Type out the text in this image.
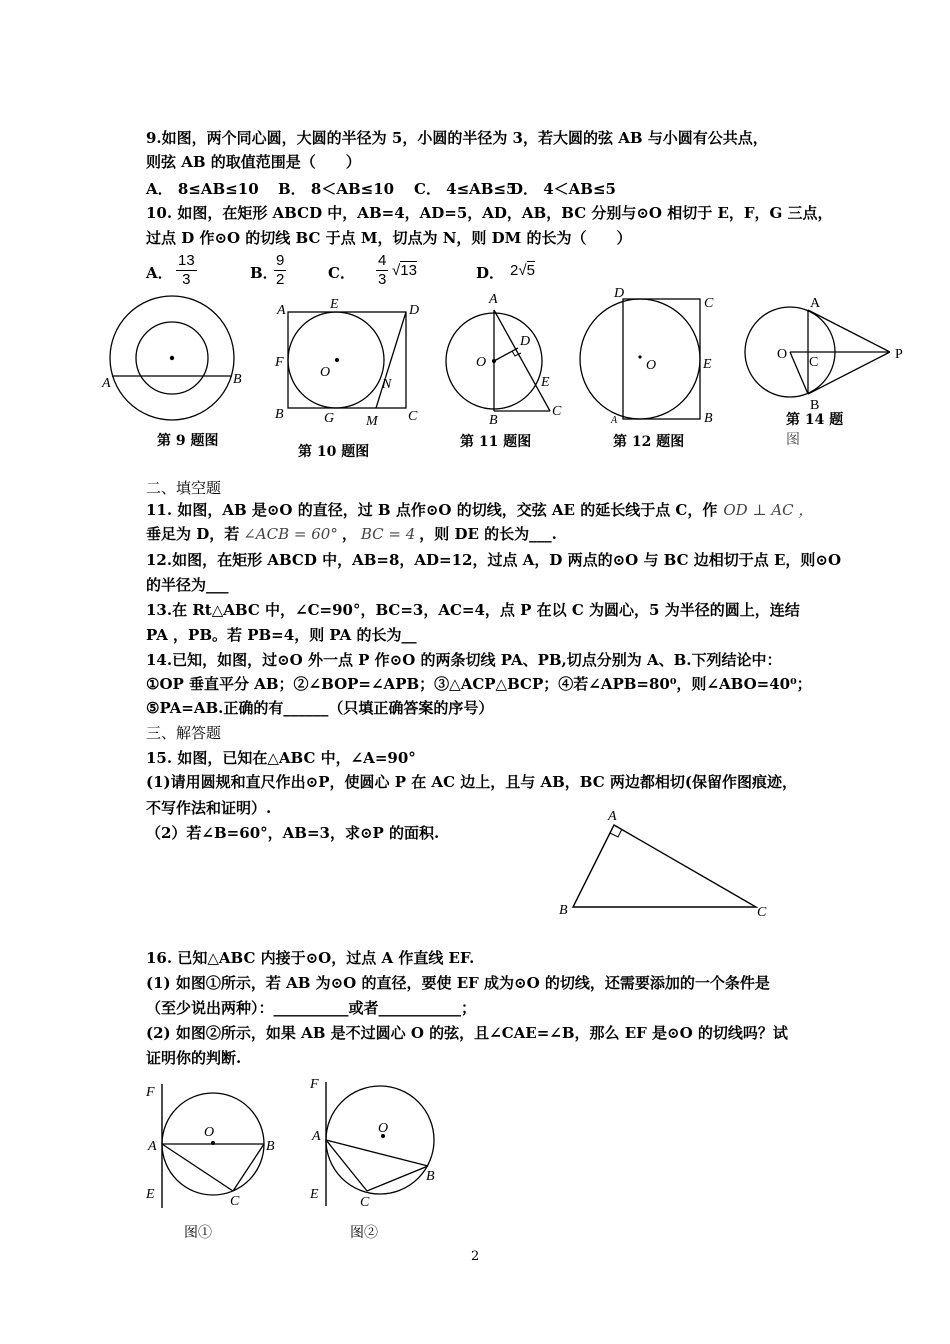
9.如图，两个同心圆，大圆的半径为 5，小圆的半径为 3，若大圆的弦 AB 与小圆有公共点，
则弦 AB 的取值范围是（　　）
A． 8≤AB≤10 B． 8＜AB≤10 C． 4≤AB≤5
D． 4＜AB≤5
10. 如图，在矩形 ABCD 中，AB=4，AD=5，AD，AB，BC 分别与⊙O 相切于 E，F，G 三点，
过点 D 作⊙O 的切线 BC 于点 M，切点为 N，则 DM 的长为（　　）
A． $\frac{13}{3}$	B．
$\frac{9}{2}$	C． $\frac{4}{3} √13$	D． 2√5
A	B
第 9 题图
A	E	D
F
O
N
B	G M C
第 10 题图
A
D
O
E
B
C
第 11 题图
D
C
O	E
A	B
第 12 题图
A
O
C
P
B
第 14 题
图
二、填空题
11. 如图，AB 是⊙O 的直径，过 B 点作⊙O 的切线，交弦 AE 的延长线于点 C，作 OD ⊥ AC ，
垂足为 D，若 ∠ACB = 60° ， BC = 4 ，则 DE 的长为___.
12.如图，在矩形 ABCD 中，AB=8，AD=12，过点 A，D 两点的⊙O 与 BC 边相切于点 E，则⊙O
的半径为___
13.在 Rt△ABC 中，∠C=90°，BC=3，AC=4，点 P 在以 C 为圆心，5 为半径的圆上，连结
PA ，PB。若 PB=4，则 PA 的长为__
14.已知，如图，过⊙O 外一点 P 作⊙O 的两条切线 PA、PB,切点分别为 A、B.下列结论中：
①OP 垂直平分 AB；②∠BOP=∠APB；③△ACP△BCP；④若∠APB=80⁰，则∠ABO=40⁰；
⑤PA=AB.正确的有______（只填正确答案的序号）
三、解答题
15. 如图，已知在△ABC 中，∠A=90°
(1)请用圆规和直尺作出⊙P，使圆心 P 在 AC 边上，且与 AB，BC 两边都相切(保留作图痕迹，
不写作法和证明）.
（2）若∠B=60°，AB=3，求⊙P 的面积.
A
B	C
16. 已知△ABC 内接于⊙O，过点 A 作直线 EF.
(1) 如图①所示，若 AB 为⊙O 的直径，要使 EF 成为⊙O 的切线，还需要添加的一个条件是
（至少说出两种）：__________或者___________；
(2) 如图②所示，如果 AB 是不过圆心 O 的弦，且∠CAE=∠B，那么 EF 是⊙O 的切线吗？试
证明你的判断.
F
A
O
B
E	C
图①
F
A
O
E
B
C
图②
2
